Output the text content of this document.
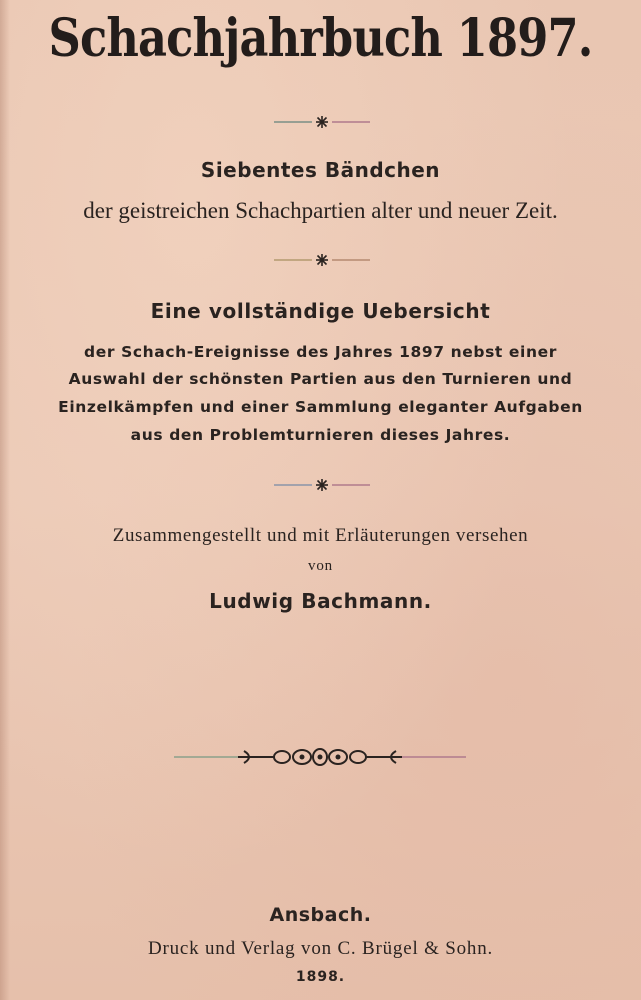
Schachjahrbuch 1897.
Siebentes Bändchen
der geistreichen Schachpartien alter und neuer Zeit.
Eine vollständige Uebersicht
der Schach-Ereignisse des Jahres 1897 nebst einer
Auswahl der schönsten Partien aus den Turnieren und
Einzelkämpfen und einer Sammlung eleganter Aufgaben
aus den Problemturnieren dieses Jahres.
Zusammengestellt und mit Erläuterungen versehen
von
Ludwig Bachmann.
Ansbach.
Druck und Verlag von C. Brügel & Sohn.
1898.
